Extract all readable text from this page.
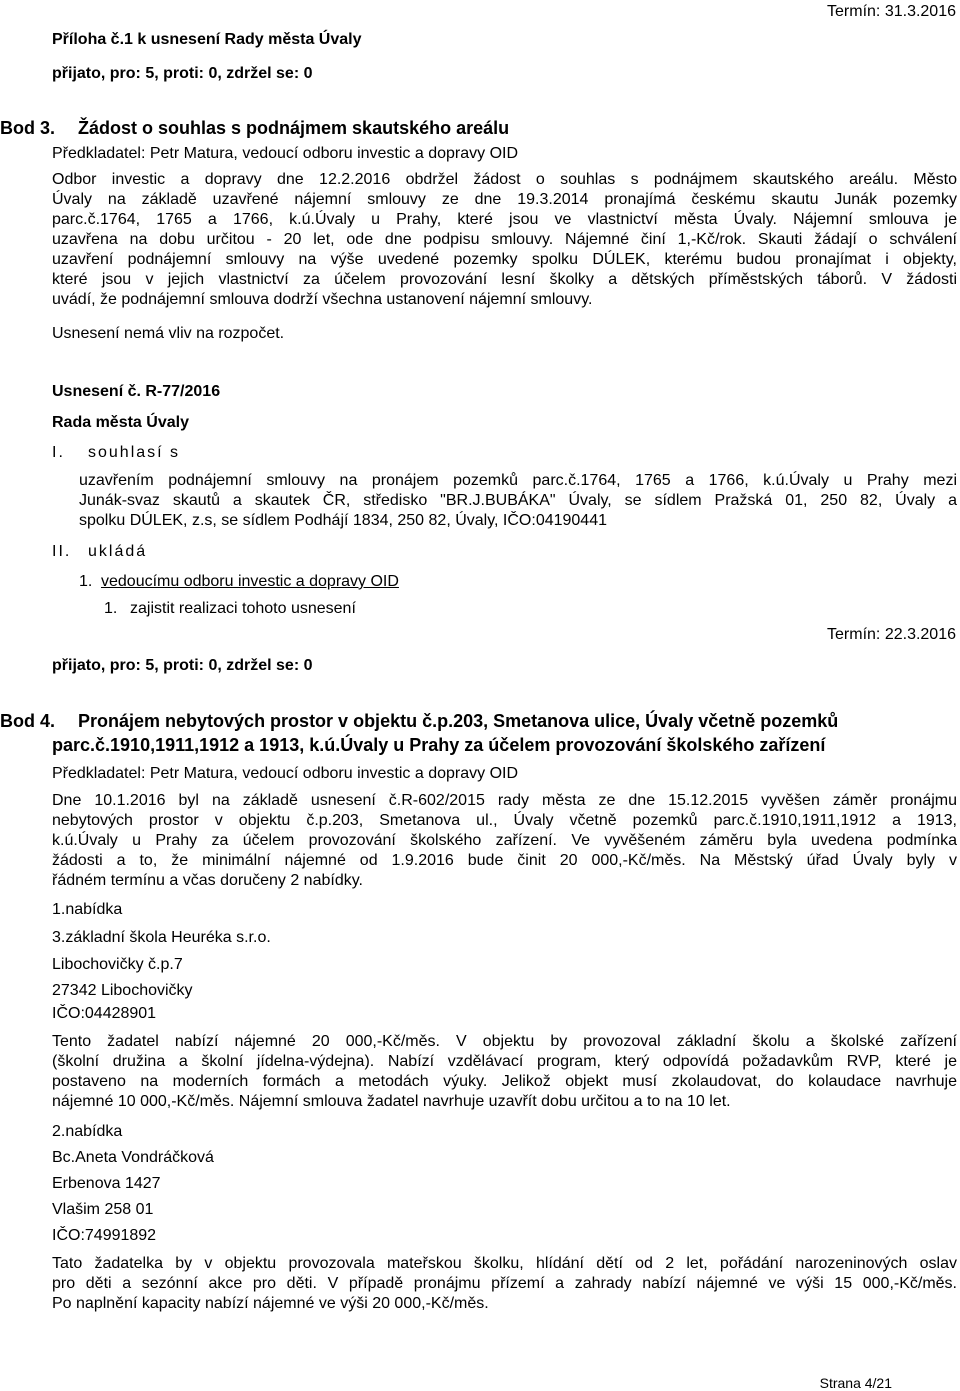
Příloha č.1 k usnesení Rady města Úvaly
přijato, pro: 5, proti: 0, zdržel se: 0
Termín: 31.3.2016
Bod 3. Žádost o souhlas s podnájmem skautského areálu
Předkladatel: Petr Matura, vedoucí odboru investic a dopravy OID
Odbor investic a dopravy dne 12.2.2016 obdržel žádost o souhlas s podnájmem skautského areálu. Město
Úvaly na základě uzavřené nájemní smlouvy ze dne 19.3.2014 pronajímá českému skautu Junák pozemky
parc.č.1764, 1765 a 1766, k.ú.Úvaly u Prahy, které jsou ve vlastnictví města Úvaly. Nájemní smlouva je
uzavřena na dobu určitou - 20 let, ode dne podpisu smlouvy. Nájemné činí 1,-Kč/rok. Skauti žádají o schválení
uzavření podnájemní smlouvy na výše uvedené pozemky spolku DÚLEK, kterému budou pronajímat i objekty,
které jsou v jejich vlastnictví za účelem provozování lesní školky a dětských příměstských táborů. V žádosti
uvádí, že podnájemní smlouva dodrží všechna ustanovení nájemní smlouvy.
Usnesení nemá vliv na rozpočet.
Usnesení č. R-77/2016
Rada města Úvaly
I. souhlasí s
uzavřením podnájemní smlouvy na pronájem pozemků parc.č.1764, 1765 a 1766, k.ú.Úvaly u Prahy mezi
Junák-svaz skautů a skautek ČR, středisko "BR.J.BUBÁKA" Úvaly, se sídlem Pražská 01, 250 82, Úvaly a
spolku DÚLEK, z.s, se sídlem Podhájí 1834, 250 82, Úvaly, IČO:04190441
II. ukládá
1. vedoucímu odboru investic a dopravy OID
1. zajistit realizaci tohoto usnesení
Termín: 22.3.2016
přijato, pro: 5, proti: 0, zdržel se: 0
Bod 4. Pronájem nebytových prostor v objektu č.p.203, Smetanova ulice, Úvaly včetně pozemků
parc.č.1910,1911,1912 a 1913, k.ú.Úvaly u Prahy za účelem provozování školského zařízení
Předkladatel: Petr Matura, vedoucí odboru investic a dopravy OID
Dne 10.1.2016 byl na základě usnesení č.R-602/2015 rady města ze dne 15.12.2015 vyvěšen záměr pronájmu
nebytových prostor v objektu č.p.203, Smetanova ul., Úvaly včetně pozemků parc.č.1910,1911,1912 a 1913,
k.ú.Úvaly u Prahy za účelem provozování školského zařízení. Ve vyvěšeném záměru byla uvedena podmínka
žádosti a to, že minimální nájemné od 1.9.2016 bude činit 20 000,-Kč/měs. Na Městský úřad Úvaly byly v
řádném termínu a včas doručeny 2 nabídky.
1.nabídka
3.základní škola Heuréka s.r.o.
Libochovičky č.p.7
27342 Libochovičky
IČO:04428901
Tento žadatel nabízí nájemné 20 000,-Kč/měs. V objektu by provozoval základní školu a školské zařízení
(školní družina a školní jídelna-výdejna). Nabízí vzdělávací program, který odpovídá požadavkům RVP, které je
postaveno na moderních formách a metodách výuky. Jelikož objekt musí zkolaudovat, do kolaudace navrhuje
nájemné 10 000,-Kč/měs. Nájemní smlouva žadatel navrhuje uzavřít dobu určitou a to na 10 let.
2.nabídka
Bc.Aneta Vondráčková
Erbenova 1427
Vlašim 258 01
IČO:74991892
Tato žadatelka by v objektu provozovala mateřskou školku, hlídání dětí od 2 let, pořádání narozeninových oslav
pro děti a sezónní akce pro děti. V případě pronájmu přízemí a zahrady nabízí nájemné ve výši 15 000,-Kč/měs.
Po naplnění kapacity nabízí nájemné ve výši 20 000,-Kč/měs.
Strana 4/21
